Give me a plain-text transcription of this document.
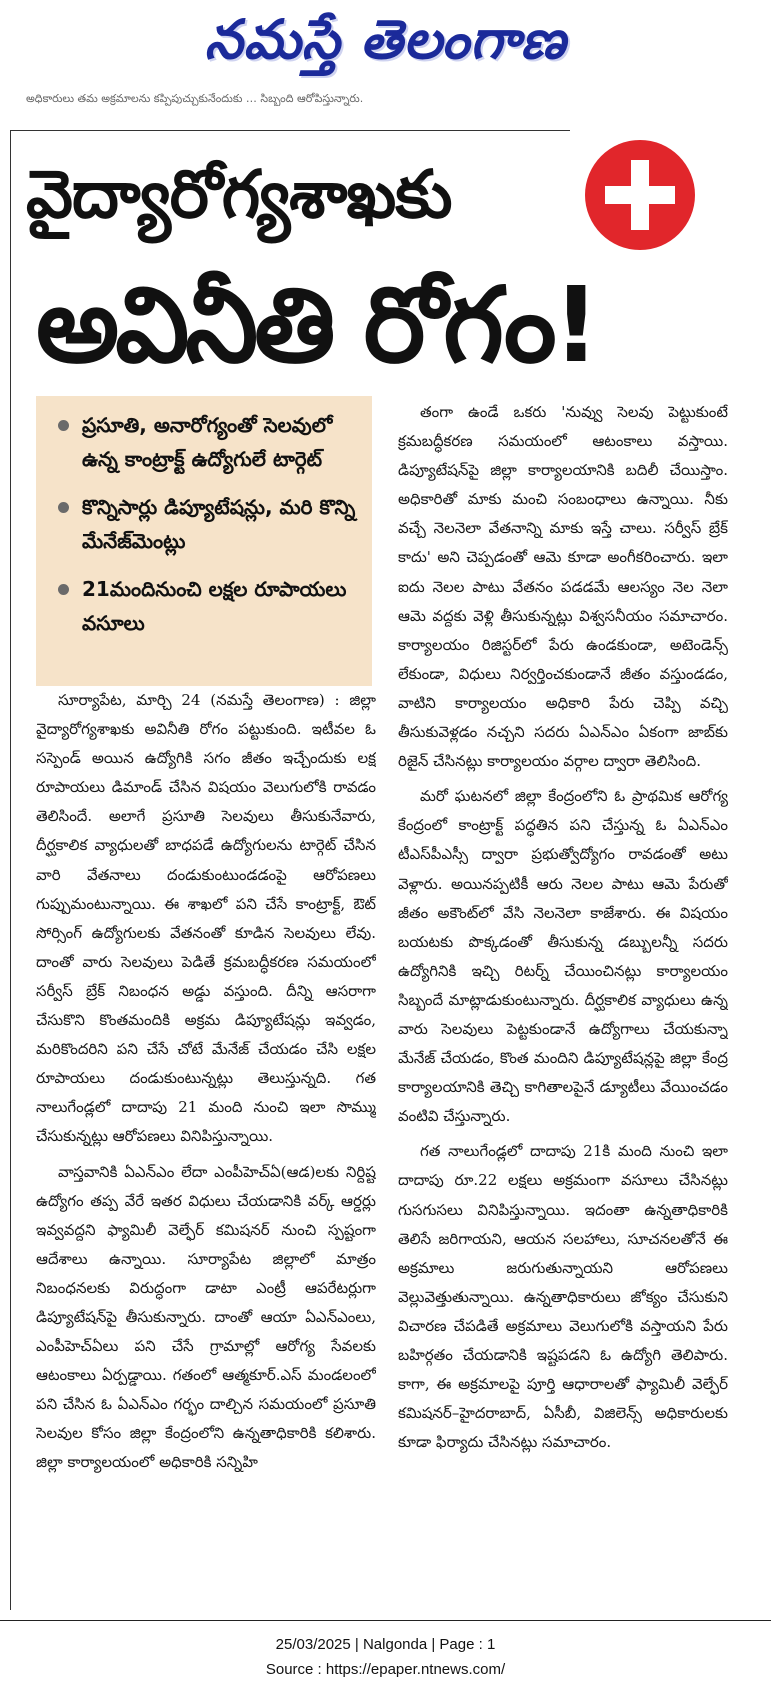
నమస్తే తెలంగాణ
అధికారులు తమ అక్రమాలను కప్పిపుచ్చుకునేందుకు … సిబ్బంది ఆరోపిస్తున్నారు.
వైద్యారోగ్యశాఖకు
అవినీతి రోగం!
ప్రసూతి, అనారోగ్యంతో సెలవులో ఉన్న కాంట్రాక్ట్ ఉద్యోగులే టార్గెట్
కొన్నిసార్లు డిప్యూటేషన్లు, మరి కొన్ని మేనేజ్‌మెంట్లు
21మందినుంచి లక్షల రూపాయలు వసూలు

సూర్యాపేట, మార్చి 24 (నమస్తే తెలంగాణ) : జిల్లా వైద్యారోగ్యశాఖకు అవినీతి రోగం పట్టుకుంది. ఇటీవల ఓ సస్పెండ్ అయిన ఉద్యోగికి సగం జీతం ఇచ్చేందుకు లక్ష రూపాయలు డిమాండ్ చేసిన విషయం వెలుగులోకి రావడం తెలిసిందే. అలాగే ప్రసూతి సెలవులు తీసుకునేవారు, దీర్ఘకాలిక వ్యాధులతో బాధపడే ఉద్యోగులను టార్గెట్ చేసిన వారి వేతనాలు దండుకుంటుండడంపై ఆరోపణలు గుప్పుమంటున్నాయి. ఈ శాఖలో పని చేసే కాంట్రాక్ట్, ఔట్ సోర్సింగ్ ఉద్యోగులకు వేతనంతో కూడిన సెలవులు లేవు. దాంతో వారు సెలవులు పెడితే క్రమబద్ధీకరణ సమయంలో సర్వీస్ బ్రేక్ నిబంధన అడ్డు వస్తుంది. దీన్ని ఆసరాగా చేసుకొని కొంతమందికి అక్రమ డిప్యూటేషన్లు ఇవ్వడం, మరికొందరిని పని చేసే చోటే మేనేజ్ చేయడం చేసి లక్షల రూపాయలు దండుకుంటున్నట్లు తెలుస్తున్నది. గత నాలుగేండ్లలో దాదాపు 21 మంది నుంచి ఇలా సొమ్ము చేసుకున్నట్లు ఆరోపణలు వినిపిస్తున్నాయి.

వాస్తవానికి ఏఎన్ఎం లేదా ఎంపీహెచ్ఏ(ఆడ)లకు నిర్దిష్ట ఉద్యోగం తప్ప వేరే ఇతర విధులు చేయడానికి వర్క్ ఆర్డర్లు ఇవ్వవద్దని ఫ్యామిలీ వెల్ఫేర్ కమిషనర్ నుంచి స్పష్టంగా ఆదేశాలు ఉన్నాయి. సూర్యాపేట జిల్లాలో మాత్రం నిబంధనలకు విరుద్ధంగా డాటా ఎంట్రీ ఆపరేటర్లుగా డిప్యూటేషన్‌పై తీసుకున్నారు. దాంతో ఆయా ఏఎన్ఎంలు, ఎంపీహెచ్ఏలు పని చేసే గ్రామాల్లో ఆరోగ్య సేవలకు ఆటంకాలు ఏర్పడ్డాయి. గతంలో ఆత్మకూర్.ఎస్ మండలంలో పని చేసిన ఓ ఏఎన్ఎం గర్భం దాల్చిన సమయంలో ప్రసూతి సెలవుల కోసం జిల్లా కేంద్రంలోని ఉన్నతాధికారికి కలిశారు. జిల్లా కార్యాలయంలో అధికారికి సన్నిహి

తంగా ఉండే ఒకరు 'నువ్వు సెలవు పెట్టుకుంటే క్రమబద్ధీకరణ సమయంలో ఆటంకాలు వస్తాయి. డిప్యూటేషన్‌పై జిల్లా కార్యాలయానికి బదిలీ చేయిస్తాం. అధికారితో మాకు మంచి సంబంధాలు ఉన్నాయి. నీకు వచ్చే నెలనెలా వేతనాన్ని మాకు ఇస్తే చాలు. సర్వీస్ బ్రేక్ కాదు' అని చెప్పడంతో ఆమె కూడా అంగీకరించారు. ఇలా ఐదు నెలల పాటు వేతనం పడడమే ఆలస్యం నెల నెలా ఆమె వద్దకు వెళ్లి తీసుకున్నట్లు విశ్వసనీయం సమాచారం. కార్యాలయం రిజిస్టర్‌లో పేరు ఉండకుండా, అటెండెన్స్ లేకుండా, విధులు నిర్వర్తించకుండానే జీతం వస్తుండడం, వాటిని కార్యాలయం అధికారి పేరు చెప్పి వచ్చి తీసుకువెళ్లడం నచ్చని సదరు ఏఎన్ఎం ఏకంగా జాబ్‌కు రిజైన్ చేసినట్లు కార్యాలయం వర్గాల ద్వారా తెలిసింది.

మరో ఘటనలో జిల్లా కేంద్రంలోని ఓ ప్రాథమిక ఆరోగ్య కేంద్రంలో కాంట్రాక్ట్ పద్ధతిన పని చేస్తున్న ఓ ఏఎన్ఎం టీఎస్‌పీఎస్సీ ద్వారా ప్రభుత్వోద్యోగం రావడంతో అటు వెళ్లారు. అయినప్పటికీ ఆరు నెలల పాటు ఆమె పేరుతో జీతం అకౌంట్‌లో వేసి నెలనెలా కాజేశారు. ఈ విషయం బయటకు పొక్కడంతో తీసుకున్న డబ్బులన్నీ సదరు ఉద్యోగినికి ఇచ్చి రిటర్న్ చేయించినట్లు కార్యాలయం సిబ్బందే మాట్లాడుకుంటున్నారు. దీర్ఘకాలిక వ్యాధులు ఉన్న వారు సెలవులు పెట్టకుండానే ఉద్యోగాలు చేయకున్నా మేనేజ్ చేయడం, కొంత మందిని డిప్యూటేషన్లపై జిల్లా కేంద్ర కార్యాలయానికి తెచ్చి కాగితాలపైనే డ్యూటీలు వేయించడం వంటివి చేస్తున్నారు.

గత నాలుగేండ్లలో దాదాపు 21కి మంది నుంచి ఇలా దాదాపు రూ.22 లక్షలు అక్రమంగా వసూలు చేసినట్లు గుసగుసలు వినిపిస్తున్నాయి. ఇదంతా ఉన్నతాధికారికి తెలిసే జరిగాయని, ఆయన సలహాలు, సూచనలతోనే ఈ అక్రమాలు జరుగుతున్నాయని ఆరోపణలు వెల్లువెత్తుతున్నాయి. ఉన్నతాధికారులు జోక్యం చేసుకుని విచారణ చేపడితే అక్రమాలు వెలుగులోకి వస్తాయని పేరు బహిర్గతం చేయడానికి ఇష్టపడని ఓ ఉద్యోగి తెలిపారు. కాగా, ఈ అక్రమాలపై పూర్తి ఆధారాలతో ఫ్యామిలీ వెల్ఫేర్ కమిషనర్–హైదరాబాద్, ఏసీబీ, విజిలెన్స్ అధికారులకు కూడా ఫిర్యాదు చేసినట్లు సమాచారం.

25/03/2025 | Nalgonda | Page : 1
Source : https://epaper.ntnews.com/
